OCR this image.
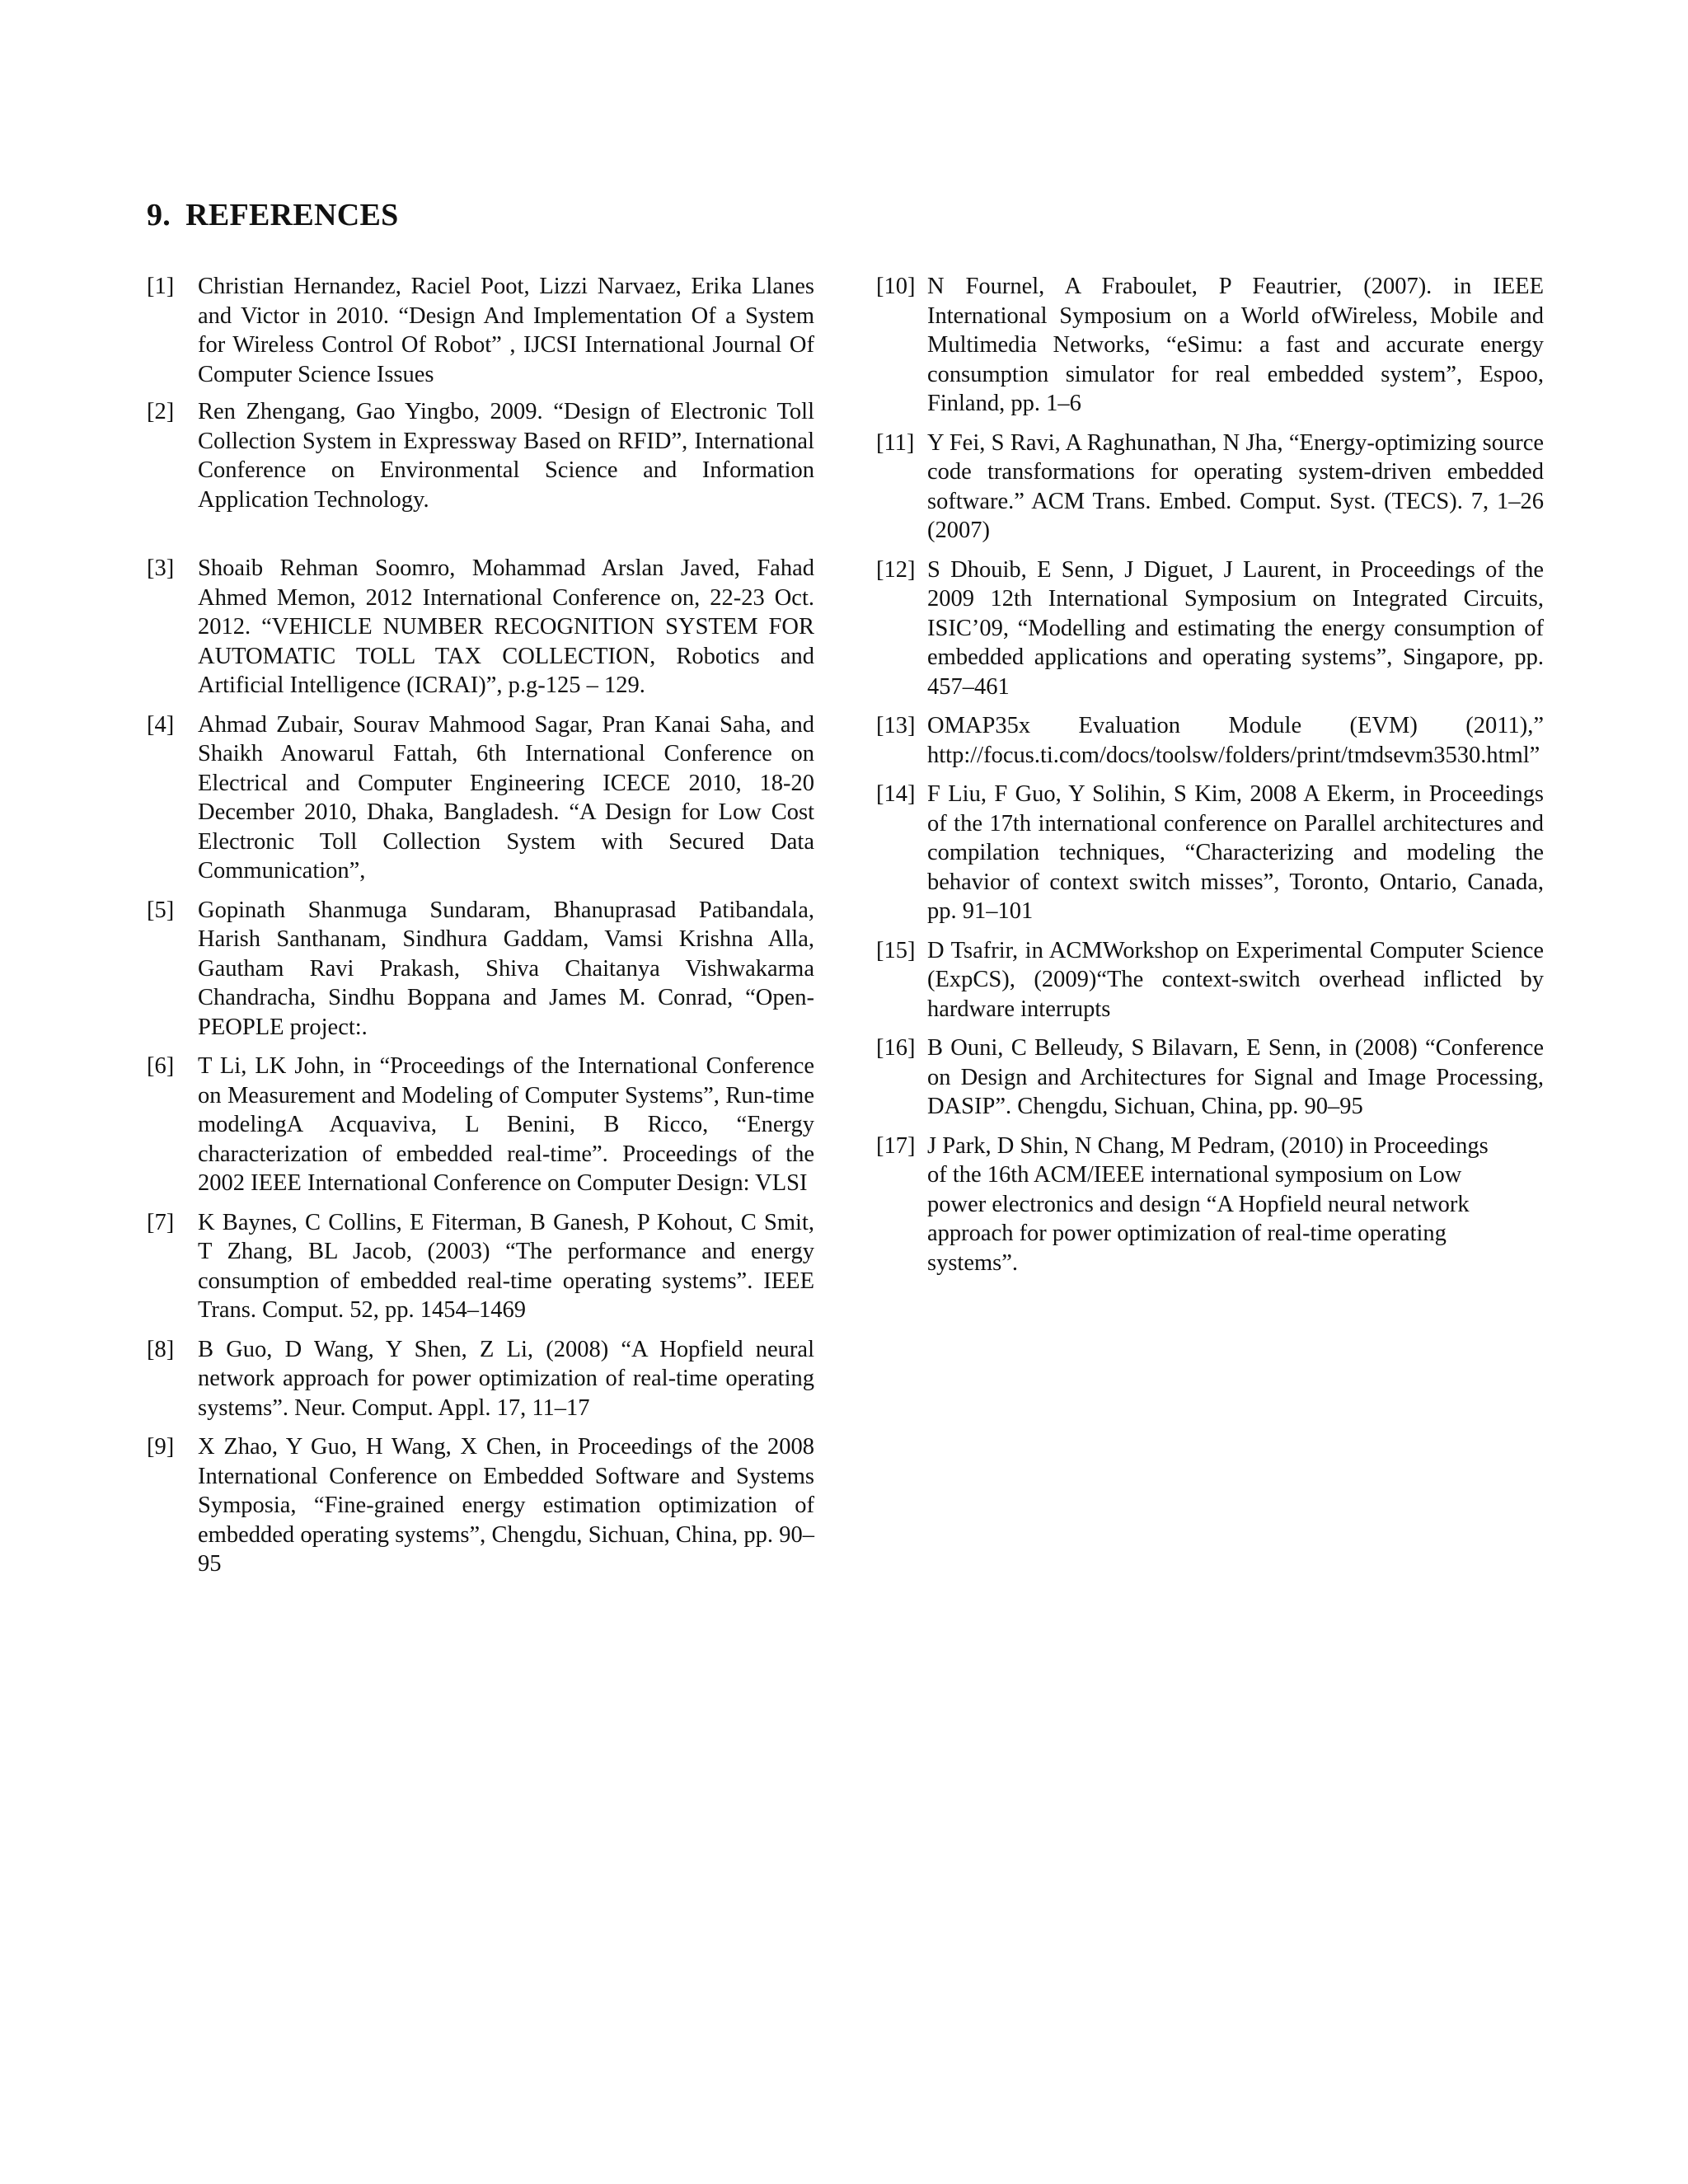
9. REFERENCES
[1] Christian Hernandez, Raciel Poot, Lizzi Narvaez, Erika Llanes and Victor in 2010. “Design And Implementation Of a System for Wireless Control Of Robot” , IJCSI International Journal Of Computer Science Issues
[2] Ren Zhengang, Gao Yingbo, 2009. “Design of Electronic Toll Collection System in Expressway Based on RFID”, International Conference on Environmental Science and Information Application Technology.
[3] Shoaib Rehman Soomro, Mohammad Arslan Javed, Fahad Ahmed Memon, 2012 International Conference on, 22-23 Oct. 2012. “VEHICLE NUMBER RECOGNITION SYSTEM FOR AUTOMATIC TOLL TAX COLLECTION, Robotics and Artificial Intelligence (ICRAI)”, p.g-125 – 129.
[4] Ahmad Zubair, Sourav Mahmood Sagar, Pran Kanai Saha, and Shaikh Anowarul Fattah, 6th International Conference on Electrical and Computer Engineering ICECE 2010, 18-20 December 2010, Dhaka, Bangladesh. “A Design for Low Cost Electronic Toll Collection System with Secured Data Communication”,
[5] Gopinath Shanmuga Sundaram, Bhanuprasad Patibandala, Harish Santhanam, Sindhura Gaddam, Vamsi Krishna Alla, Gautham Ravi Prakash, Shiva Chaitanya Vishwakarma Chandracha, Sindhu Boppana and James M. Conrad, “Open-PEOPLE project:.
[6] T Li, LK John, in “Proceedings of the International Conference on Measurement and Modeling of Computer Systems”, Run-time modelingA Acquaviva, L Benini, B Ricco, “Energy characterization of embedded real-time”. Proceedings of the 2002 IEEE International Conference on Computer Design: VLSI
[7] K Baynes, C Collins, E Fiterman, B Ganesh, P Kohout, C Smit, T Zhang, BL Jacob, (2003) “The performance and energy consumption of embedded real-time operating systems”. IEEE Trans. Comput. 52, pp. 1454–1469
[8] B Guo, D Wang, Y Shen, Z Li, (2008) “A Hopfield neural network approach for power optimization of real-time operating systems”. Neur. Comput. Appl. 17, 11–17
[9] X Zhao, Y Guo, H Wang, X Chen, in Proceedings of the 2008 International Conference on Embedded Software and Systems Symposia, “Fine-grained energy estimation optimization of embedded operating systems”, Chengdu, Sichuan, China, pp. 90–95
[10] N Fournel, A Fraboulet, P Feautrier, (2007). in IEEE International Symposium on a World ofWireless, Mobile and Multimedia Networks, “eSimu: a fast and accurate energy consumption simulator for real embedded system”, Espoo, Finland, pp. 1–6
[11] Y Fei, S Ravi, A Raghunathan, N Jha, “Energy-optimizing source code transformations for operating system-driven embedded software.” ACM Trans. Embed. Comput. Syst. (TECS). 7, 1–26 (2007)
[12] S Dhouib, E Senn, J Diguet, J Laurent, in Proceedings of the 2009 12th International Symposium on Integrated Circuits, ISIC’09, “Modelling and estimating the energy consumption of embedded applications and operating systems”, Singapore, pp. 457–461
[13] OMAP35x Evaluation Module (EVM) (2011),” http://focus.ti.com/docs/toolsw/folders/print/tmdsevm3530.html”
[14] F Liu, F Guo, Y Solihin, S Kim, 2008 A Ekerm, in Proceedings of the 17th international conference on Parallel architectures and compilation techniques, “Characterizing and modeling the behavior of context switch misses”, Toronto, Ontario, Canada, pp. 91–101
[15] D Tsafrir, in ACMWorkshop on Experimental Computer Science (ExpCS), (2009)“The context-switch overhead inflicted by hardware interrupts
[16] B Ouni, C Belleudy, S Bilavarn, E Senn, in (2008) “Conference on Design and Architectures for Signal and Image Processing, DASIP”. Chengdu, Sichuan, China, pp. 90–95
[17] J Park, D Shin, N Chang, M Pedram, (2010) in Proceedings of the 16th ACM/IEEE international symposium on Low power electronics and design “A Hopfield neural network approach for power optimization of real-time operating systems”.
